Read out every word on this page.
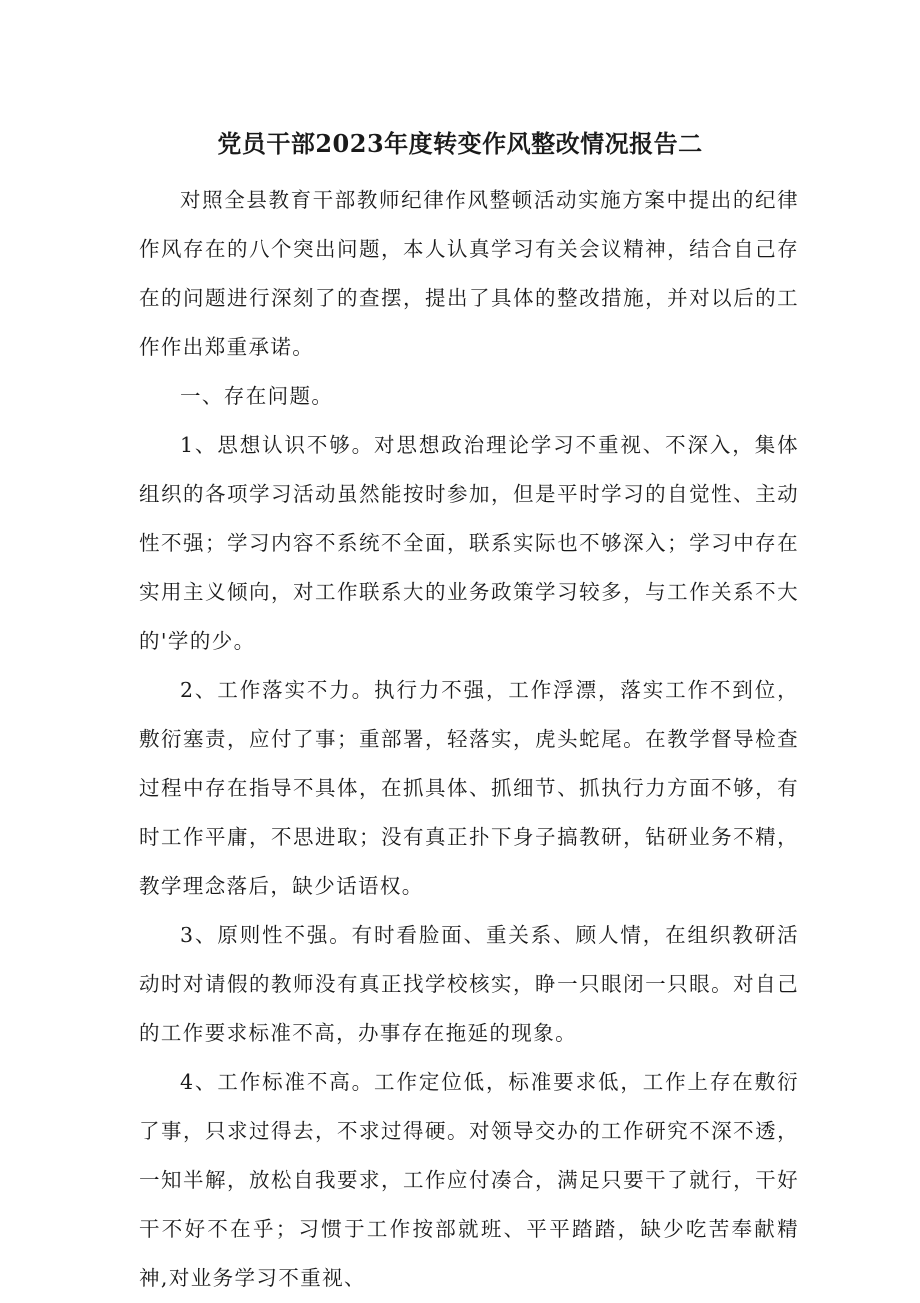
党员干部2023年度转变作风整改情况报告二

对照全县教育干部教师纪律作风整顿活动实施方案中提出的纪律作风存在的八个突出问题，本人认真学习有关会议精神，结合自己存在的问题进行深刻了的查摆，提出了具体的整改措施，并对以后的工作作出郑重承诺。

一、存在问题。

1、思想认识不够。对思想政治理论学习不重视、不深入，集体组织的各项学习活动虽然能按时参加，但是平时学习的自觉性、主动性不强；学习内容不系统不全面，联系实际也不够深入；学习中存在实用主义倾向，对工作联系大的业务政策学习较多，与工作关系不大的'学的少。

2、工作落实不力。执行力不强，工作浮漂，落实工作不到位，敷衍塞责，应付了事；重部署，轻落实，虎头蛇尾。在教学督导检查过程中存在指导不具体，在抓具体、抓细节、抓执行力方面不够，有时工作平庸，不思进取；没有真正扑下身子搞教研，钻研业务不精，教学理念落后，缺少话语权。

3、原则性不强。有时看脸面、重关系、顾人情，在组织教研活动时对请假的教师没有真正找学校核实，睁一只眼闭一只眼。对自己的工作要求标准不高，办事存在拖延的现象。

4、工作标准不高。工作定位低，标准要求低，工作上存在敷衍了事，只求过得去，不求过得硬。对领导交办的工作研究不深不透，一知半解，放松自我要求，工作应付凑合，满足只要干了就行，干好干不好不在乎；习惯于工作按部就班、平平踏踏，缺少吃苦奉献精神,对业务学习不重视、
